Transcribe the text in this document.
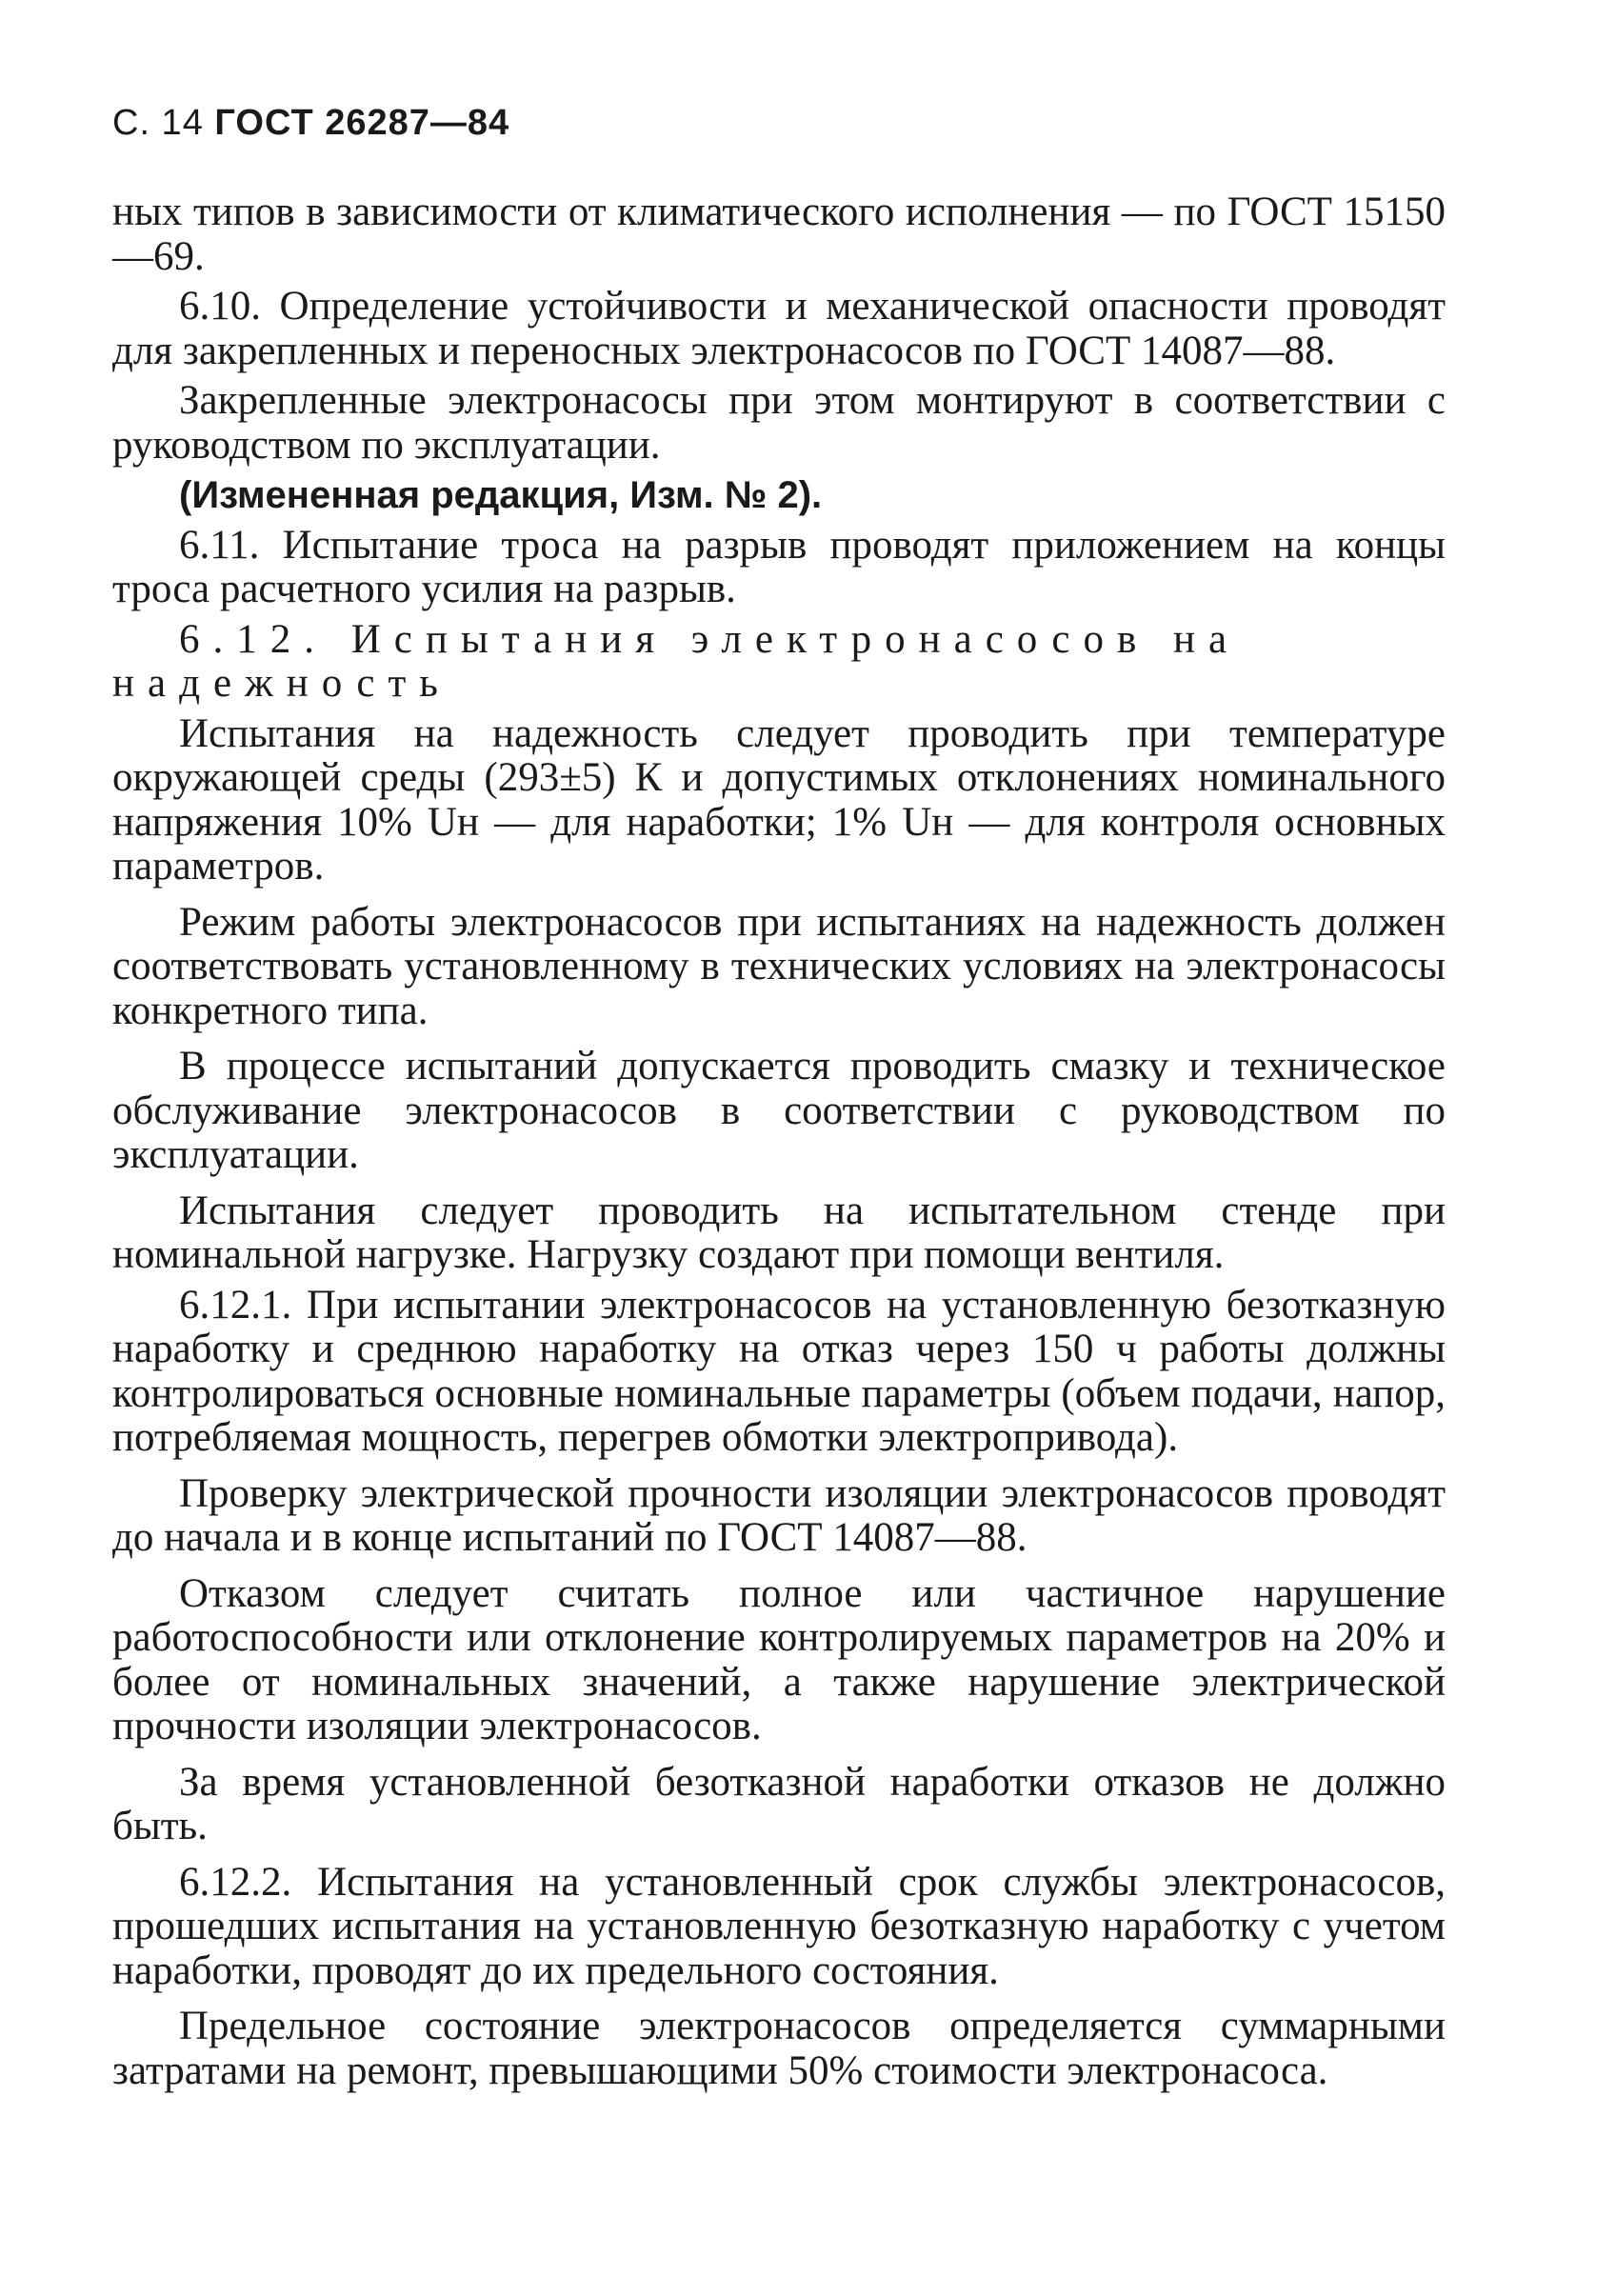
С. 14 ГОСТ 26287—84

ных типов в зависимости от климатического исполнения — по ГОСТ 15150—69.

6.10. Определение устойчивости и механической опасности проводят для закрепленных и переносных электронасосов по ГОСТ 14087—88.

Закрепленные электронасосы при этом монтируют в соответствии с руководством по эксплуатации.

(Измененная редакция, Изм. № 2).

6.11. Испытание троса на разрыв проводят приложением на концы троса расчетного усилия на разрыв.

6.12. Испытания электронасосов на надежность

Испытания на надежность следует проводить при температуре окружающей среды (293±5) К и допустимых отклонениях номинального напряжения 10% Uн — для наработки; 1% Uн — для контроля основных параметров.

Режим работы электронасосов при испытаниях на надежность должен соответствовать установленному в технических условиях на электронасосы конкретного типа.

В процессе испытаний допускается проводить смазку и техническое обслуживание электронасосов в соответствии с руководством по эксплуатации.

Испытания следует проводить на испытательном стенде при номинальной нагрузке. Нагрузку создают при помощи вентиля.

6.12.1. При испытании электронасосов на установленную безотказную наработку и среднюю наработку на отказ через 150 ч работы должны контролироваться основные номинальные параметры (объем подачи, напор, потребляемая мощность, перегрев обмотки электропривода).

Проверку электрической прочности изоляции электронасосов проводят до начала и в конце испытаний по ГОСТ 14087—88.

Отказом следует считать полное или частичное нарушение работоспособности или отклонение контролируемых параметров на 20% и более от номинальных значений, а также нарушение электрической прочности изоляции электронасосов.

За время установленной безотказной наработки отказов не должно быть.

6.12.2. Испытания на установленный срок службы электронасосов, прошедших испытания на установленную безотказную наработку с учетом наработки, проводят до их предельного состояния.

Предельное состояние электронасосов определяется суммарными затратами на ремонт, превышающими 50% стоимости электронасоса.
